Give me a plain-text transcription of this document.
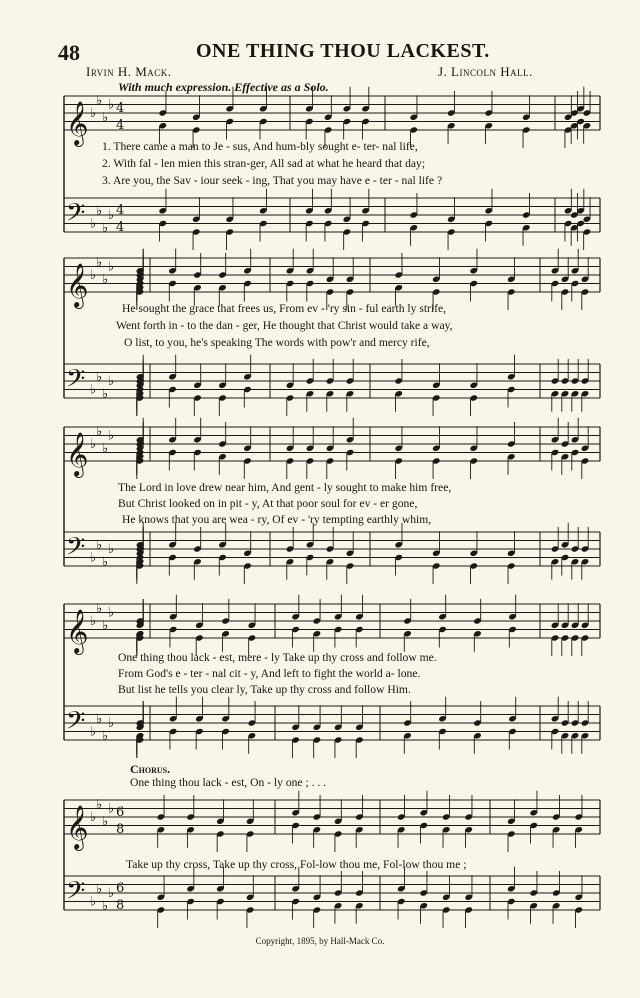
48	ONE THING THOU LACKEST.
Irvin H. Mack.	J. Lincoln Hall.
With much expression. Effective as a Solo.
1. There came a man to Je - sus, And hum-bly sought e- ter- nal life,
2. With fal - len mien this stran-ger, All sad at what he heard that day;
3. Are you, the Sav - iour seek - ing, That you may have e - ter - nal life ?
He sought the grace that frees us, From ev - 'ry sin - ful earth ly strife,
Went forth in - to the dan - ger, He thought that Christ would take a way,
O list, to you, he's speaking The words with pow'r and mercy rife,
The Lord in love drew near him, And gent - ly sought to make him free,
But Christ looked on in pit - y, At that poor soul for ev - er gone,
He knows that you are wea - ry, Of ev - 'ry tempting earthly whim,
One thing thou lack - est, mere - ly Take up thy cross and follow me.
From God's e - ter - nal cit - y, And left to fight the world a- lone.
But list he tells you clear ly, Take up thy cross and follow Him.
Chorus.
One thing thou lack - est, On - ly one ; . . .
Take up thy cross, Take up thy cross, Fol-low thou me, Fol-low thou me ;
Copyright, 1895, by Hall-Mack Co.
𝄞 ♭
♭
♭
♭ 4
4
𝄢 ♭
♭
♭
♭ 4
4
𝄞 ♭
♭
♭
♭
𝄢 ♭
♭
♭
♭
𝄞 ♭
♭
♭
♭
𝄢 ♭
♭
♭
♭
𝄞 ♭
♭
♭
♭
𝄢 ♭
♭
♭
♭
𝄞 ♭
♭
♭
♭ 6
8
𝄢 ♭
♭
♭
♭ 6
8
